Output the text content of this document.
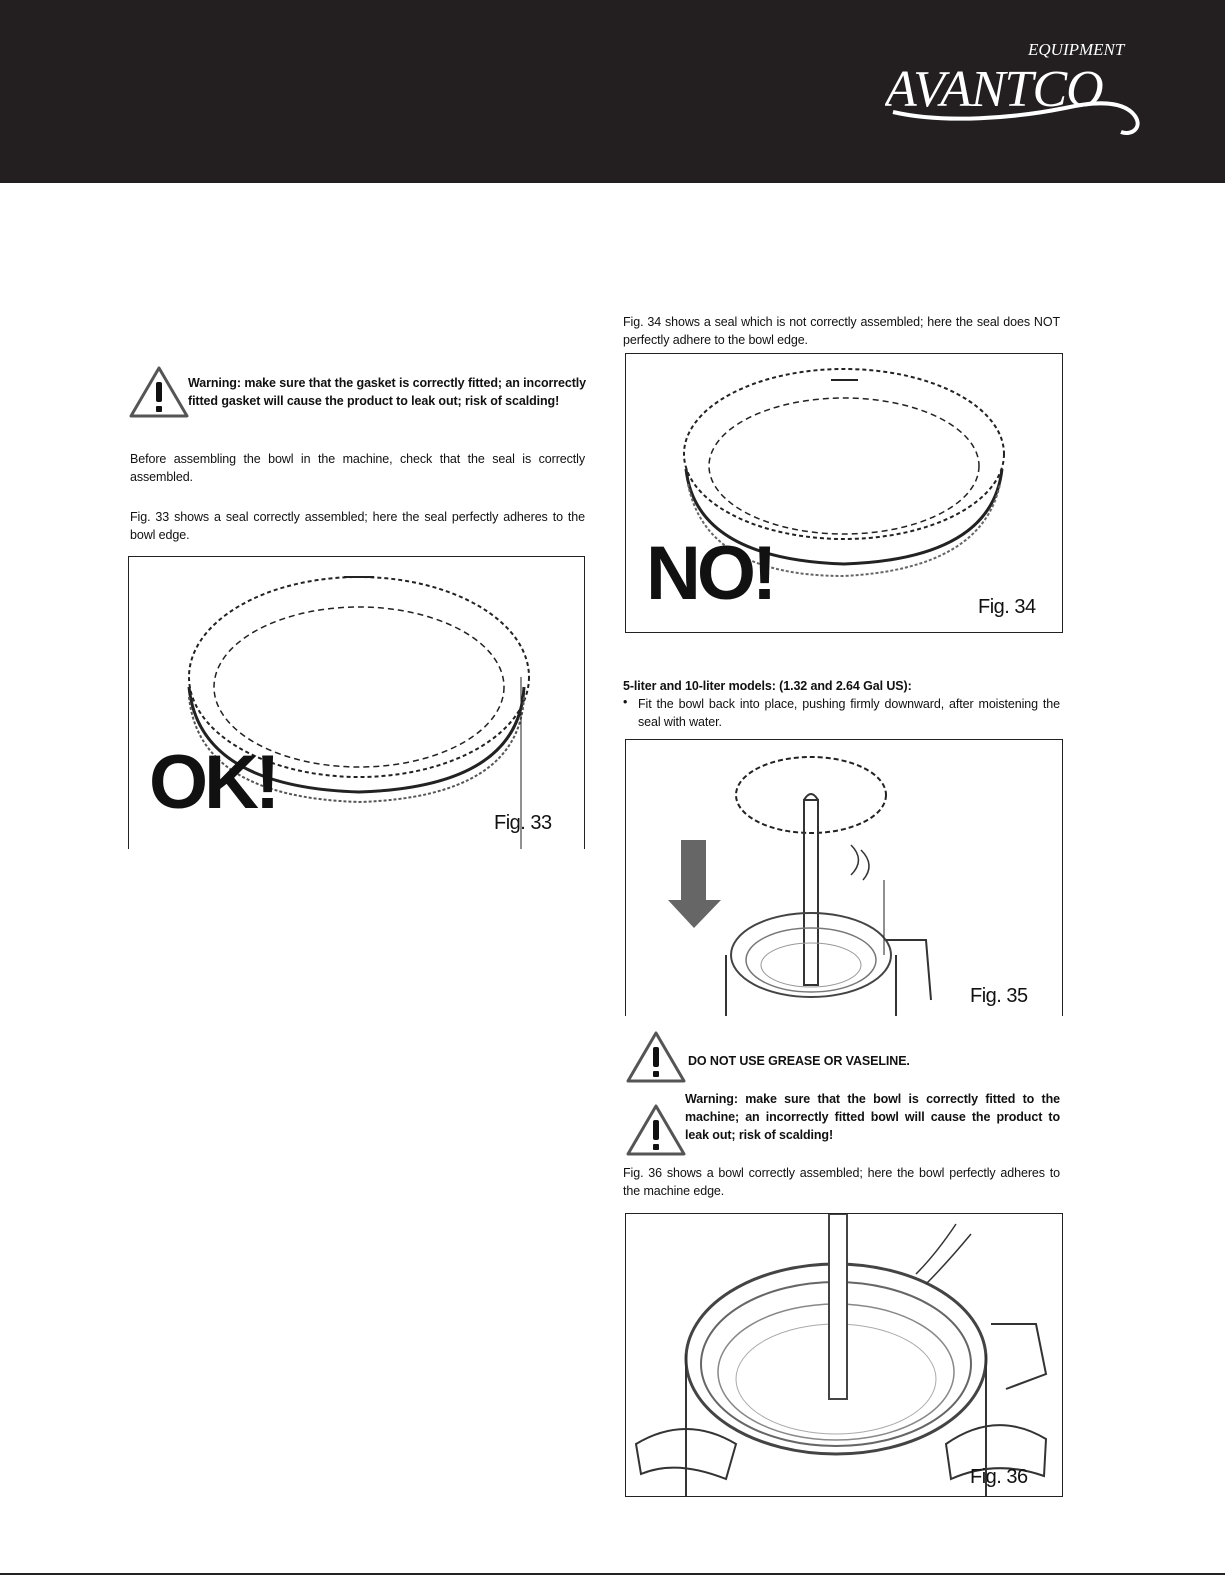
EQUIPMENT
AVANTCO

Warning: make sure that the gasket is correctly fitted; an incorrectly fitted gasket will cause the product to leak out; risk of scalding!

Before assembling the bowl in the machine, check that the seal is correctly assembled.

Fig. 33 shows a seal correctly assembled; here the seal perfectly adheres to the bowl edge.

OK!	Fig. 33

Fig. 34 shows a seal which is not correctly assembled; here the seal does NOT perfectly adhere to the bowl edge.

NO!	Fig. 34

5-liter and 10-liter models: (1.32 and 2.64 Gal US):

• Fit the bowl back into place, pushing firmly downward, after moistening the seal with water.

Fig. 35

DO NOT USE GREASE OR VASELINE.

Warning: make sure that the bowl is correctly fitted to the machine; an incorrectly fitted bowl will cause the product to leak out; risk of scalding!

Fig. 36 shows a bowl correctly assembled; here the bowl perfectly adheres to the machine edge.

Fig. 36
